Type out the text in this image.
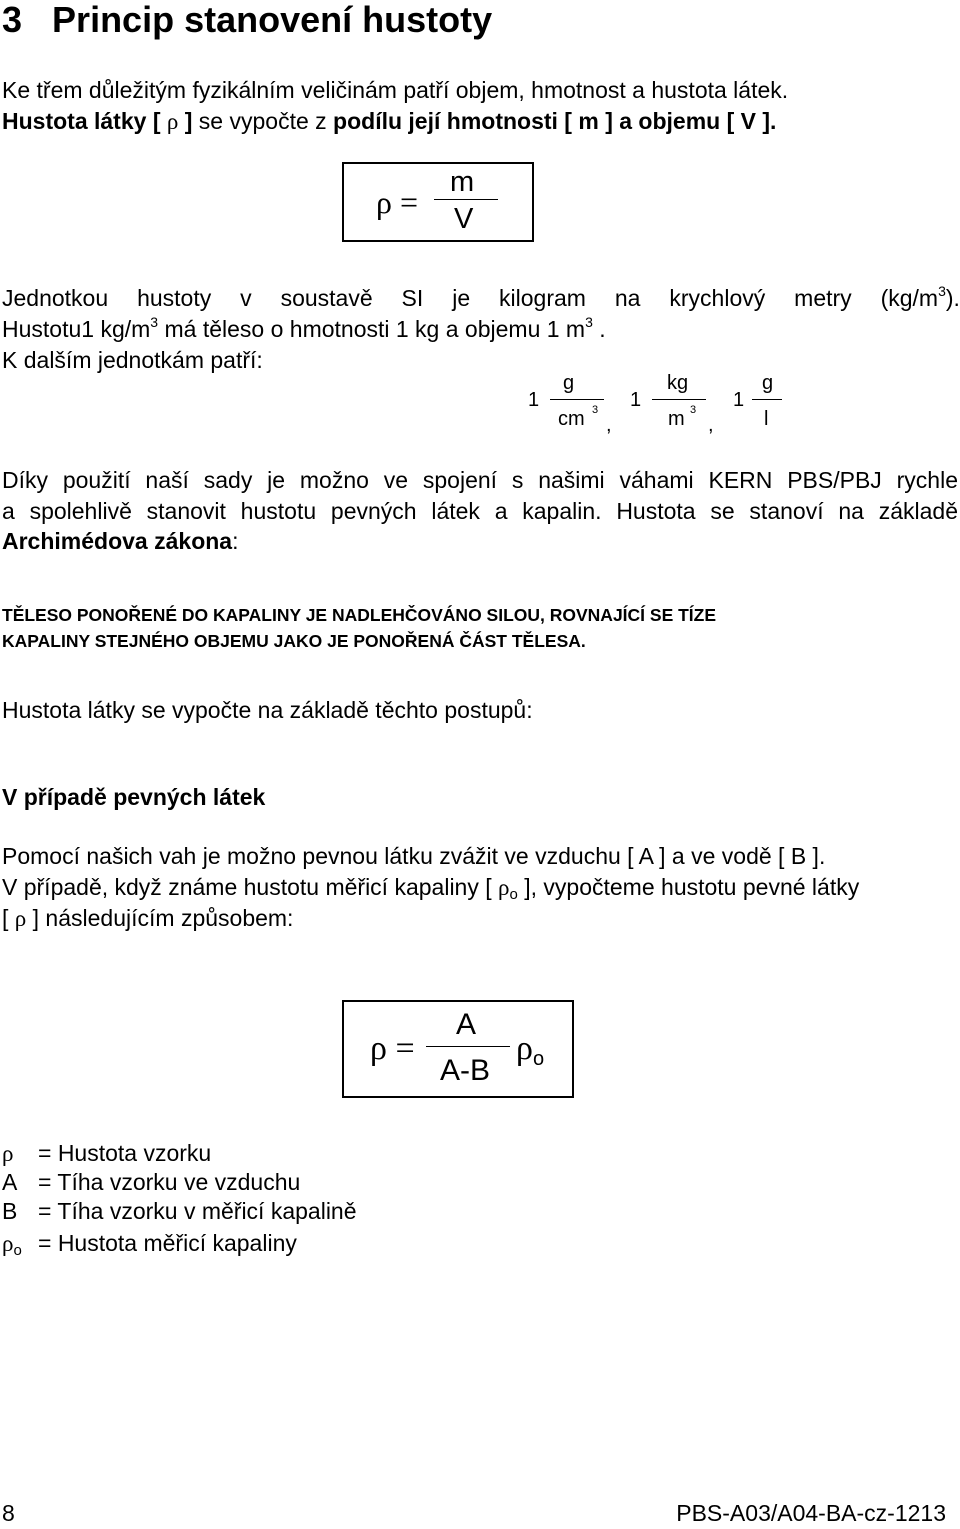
3 Princip stanovení hustoty
Ke třem důležitým fyzikálním veličinám patří objem, hmotnost a hustota látek.
Hustota látky [ ρ ] se vypočte z podílu její hmotnosti [ m ] a objemu [ V ].
ρ =
m
V
Jednotkou hustoty v soustavě SI je kilogram na krychlový metry $(kg/m^3)$.
Hustotu1 $kg/m^3$ má těleso o hmotnosti 1 kg a objemu 1 $m^3$ .
K dalším jednotkám patří:
1
g
cm 3
,
1
kg
m 3
,
1
g
l
Díky použití naší sady je možno ve spojení s našimi váhami KERN PBS/PBJ rychle
a spolehlivě stanovit hustotu pevných látek a kapalin. Hustota se stanoví na základě
Archimédova zákona:
TĚLESO PONOŘENÉ DO KAPALINY JE NADLEHČOVÁNO SILOU, ROVNAJÍCÍ SE TÍZE
KAPALINY STEJNÉHO OBJEMU JAKO JE PONOŘENÁ ČÁST TĚLESA.
Hustota látky se vypočte na základě těchto postupů:
V případě pevných látek
Pomocí našich vah je možno pevnou látku zvážit ve vzduchu [ A ] a ve vodě [ B ].
V případě, když známe hustotu měřicí kapaliny [ $\rho_o$ ], vypočteme hustotu pevné látky
[ ρ ] následujícím způsobem:
ρ =
A
A-B
ρo
ρ = Hustota vzorku
A = Tíha vzorku ve vzduchu
B = Tíha vzorku v měřicí kapalině
$\rho_o$ = Hustota měřicí kapaliny
8	PBS-A03/A04-BA-cz-1213
